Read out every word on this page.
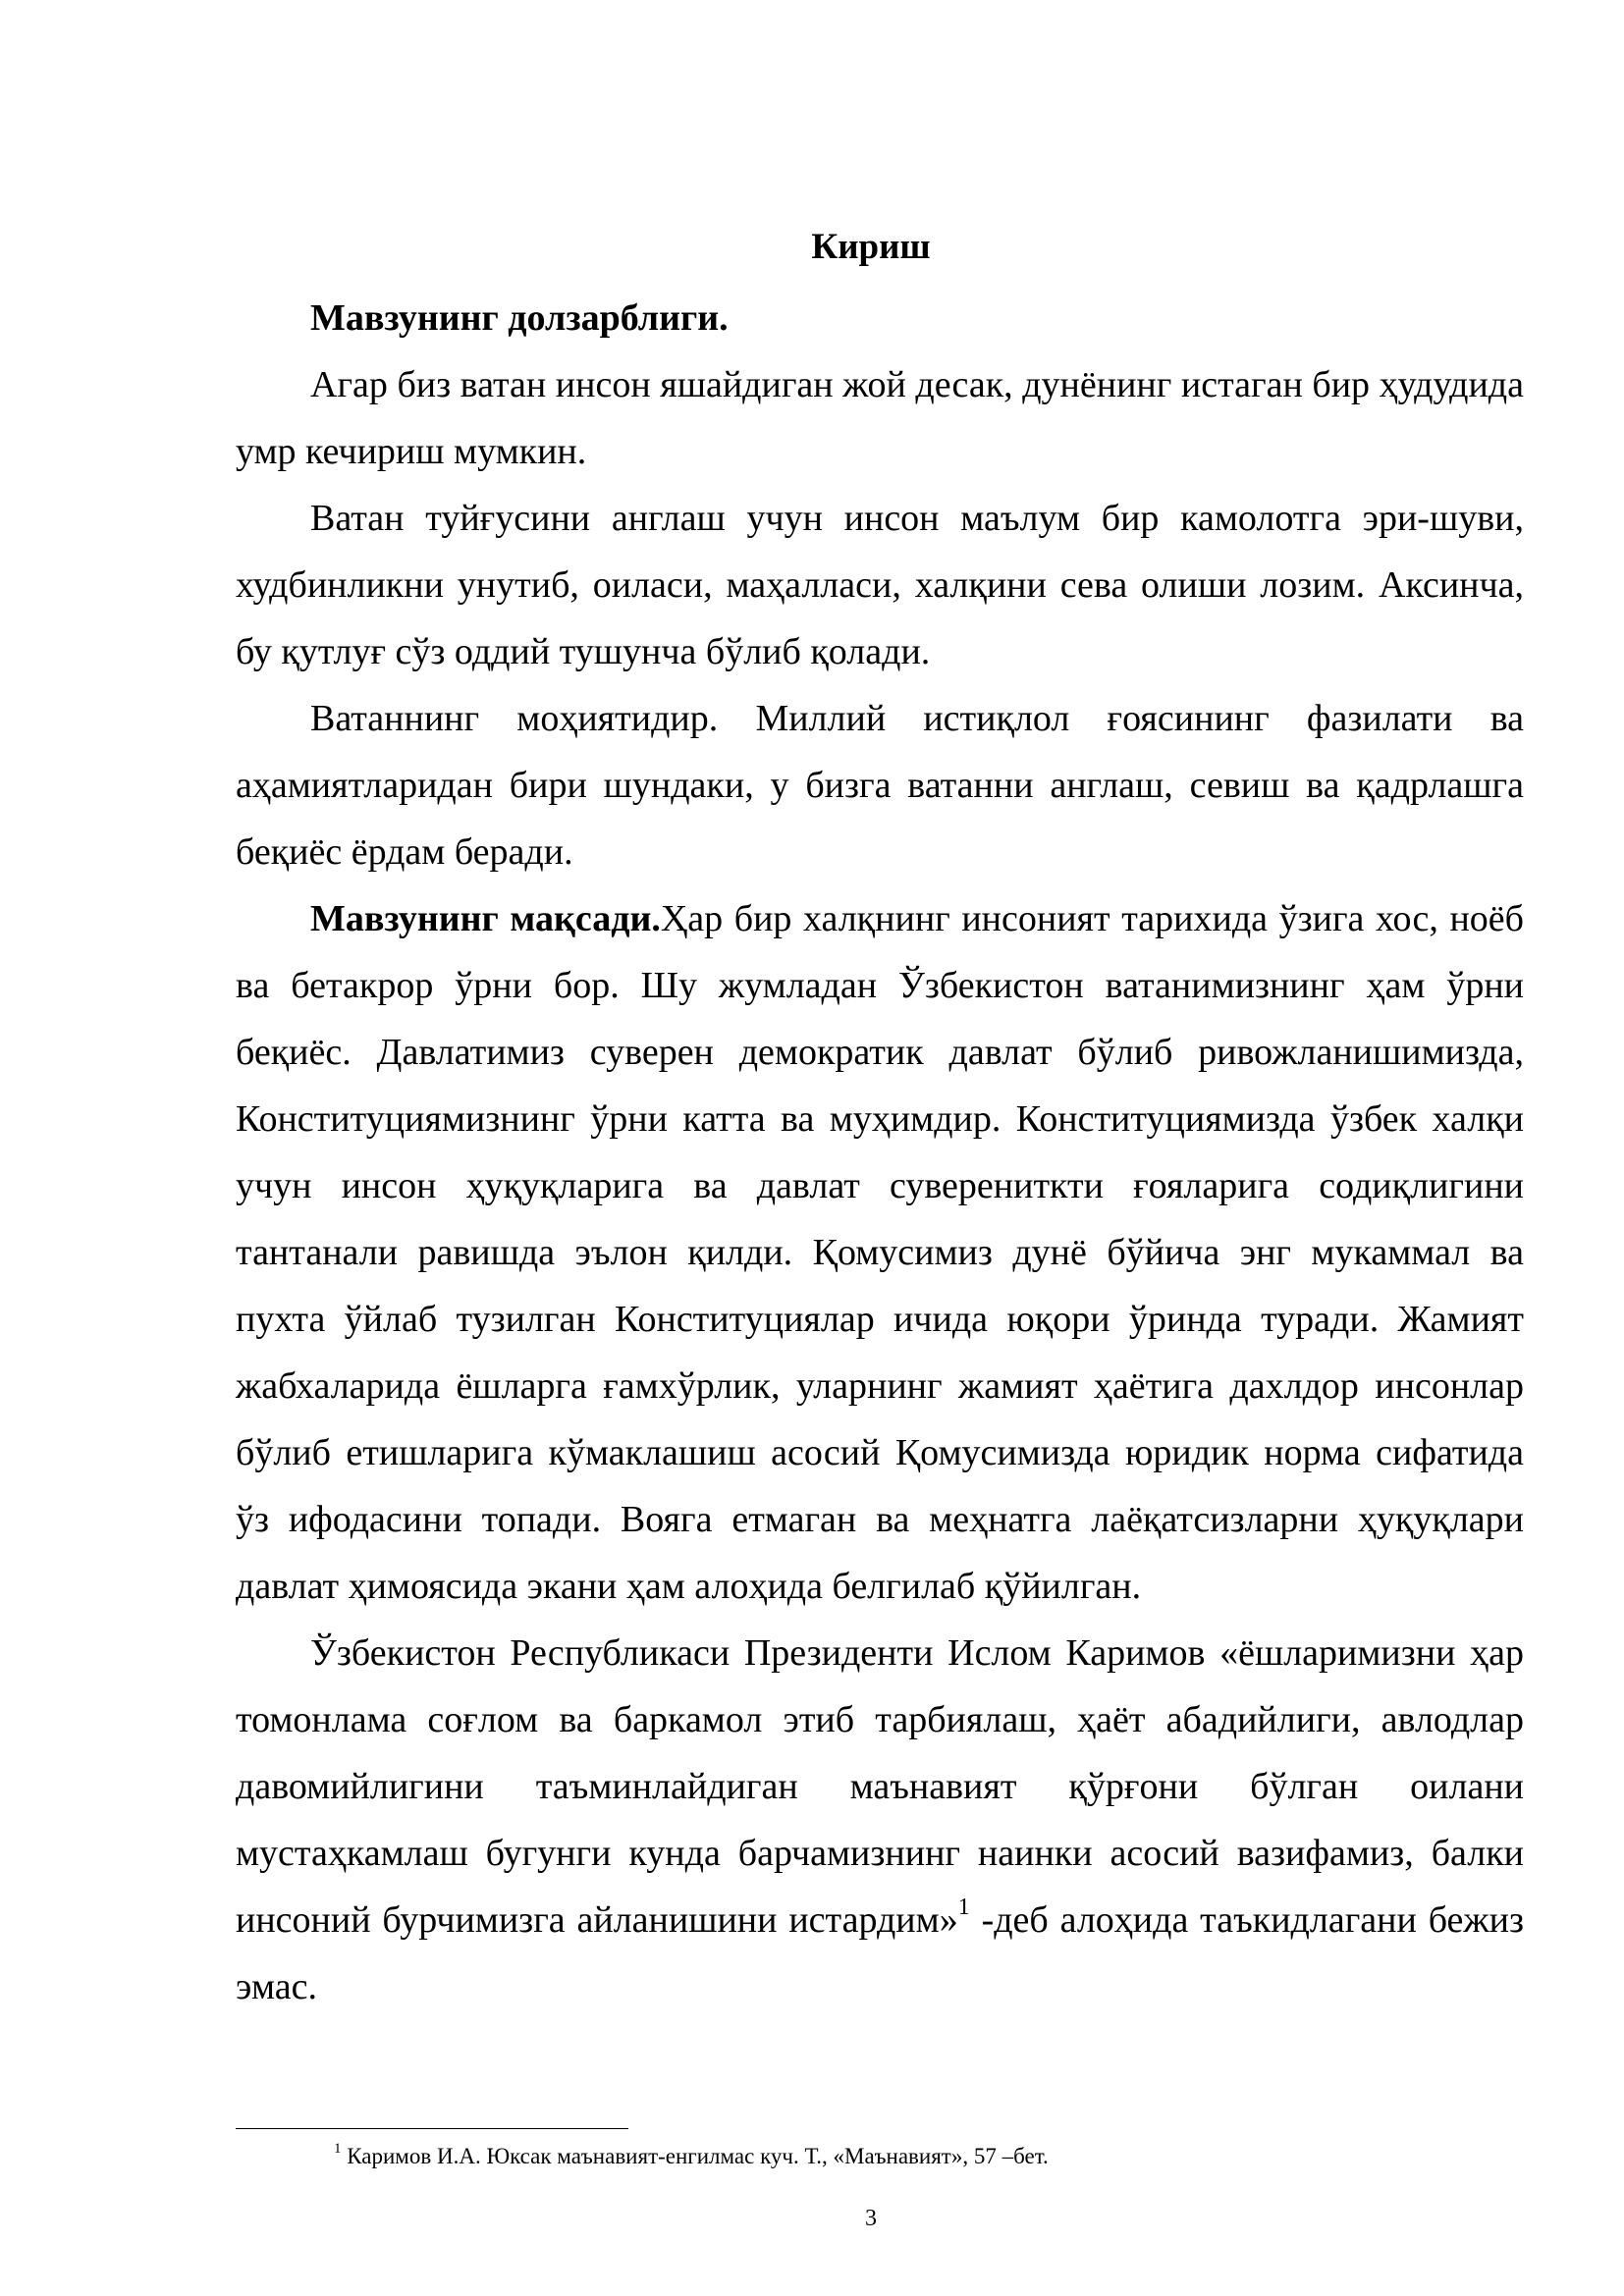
Кириш
Мавзунинг долзарблиги.

Агар биз ватан инсон яшайдиган жой десак, дунёнинг истаган бир ҳудудида умр кечириш мумкин.

Ватан туйғусини англаш учун инсон маълум бир камолотга эри-шуви, худбинликни унутиб, оиласи, маҳалласи, халқини сева олиши лозим. Аксинча, бу қутлуғ сўз оддий тушунча бўлиб қолади.

Ватаннинг моҳиятидир. Миллий истиқлол ғоясининг фазилати ва аҳамиятларидан бири шундаки, у бизга ватанни англаш, севиш ва қадрлашга беқиёс ёрдам беради.

Мавзунинг мақсади.Ҳар бир халқнинг инсоният тарихида ўзига хос, ноёб ва бетакрор ўрни бор. Шу жумладан Ўзбекистон ватанимизнинг ҳам ўрни беқиёс. Давлатимиз суверен демократик давлат бўлиб ривожланишимизда, Конституциямизнинг ўрни катта ва муҳимдир. Конституциямизда ўзбек халқи учун инсон ҳуқуқларига ва давлат суверениткти ғояларига содиқлигини тантанали равишда эълон қилди. Қомусимиз дунё бўйича энг мукаммал ва пухта ўйлаб тузилган Конституциялар ичида юқори ўринда туради. Жамият жабхаларида ёшларга ғамхўрлик, уларнинг жамият ҳаётига дахлдор инсонлар бўлиб етишларига кўмаклашиш асосий Қомусимизда юридик норма сифатида ўз ифодасини топади. Вояга етмаган ва меҳнатга лаёқатсизларни ҳуқуқлари давлат ҳимоясида экани ҳам алоҳида белгилаб қўйилган.

Ўзбекистон Республикаси Президенти Ислом Каримов «ёшларимизни ҳар томонлама соғлом ва баркамол этиб тарбиялаш, ҳаёт абадийлиги, авлодлар давомийлигини таъминлайдиган маънавият қўрғони бўлган оилани мустаҳкамлаш бугунги кунда барчамизнинг наинки асосий вазифамиз, балки инсоний бурчимизга айланишини истардим»$^1$ -деб алоҳида таъкидлагани бежиз эмас.

$^1$ Каримов И.А. Юксак маънавият-енгилмас куч. Т., «Маънавият», 57 –бет.
3
